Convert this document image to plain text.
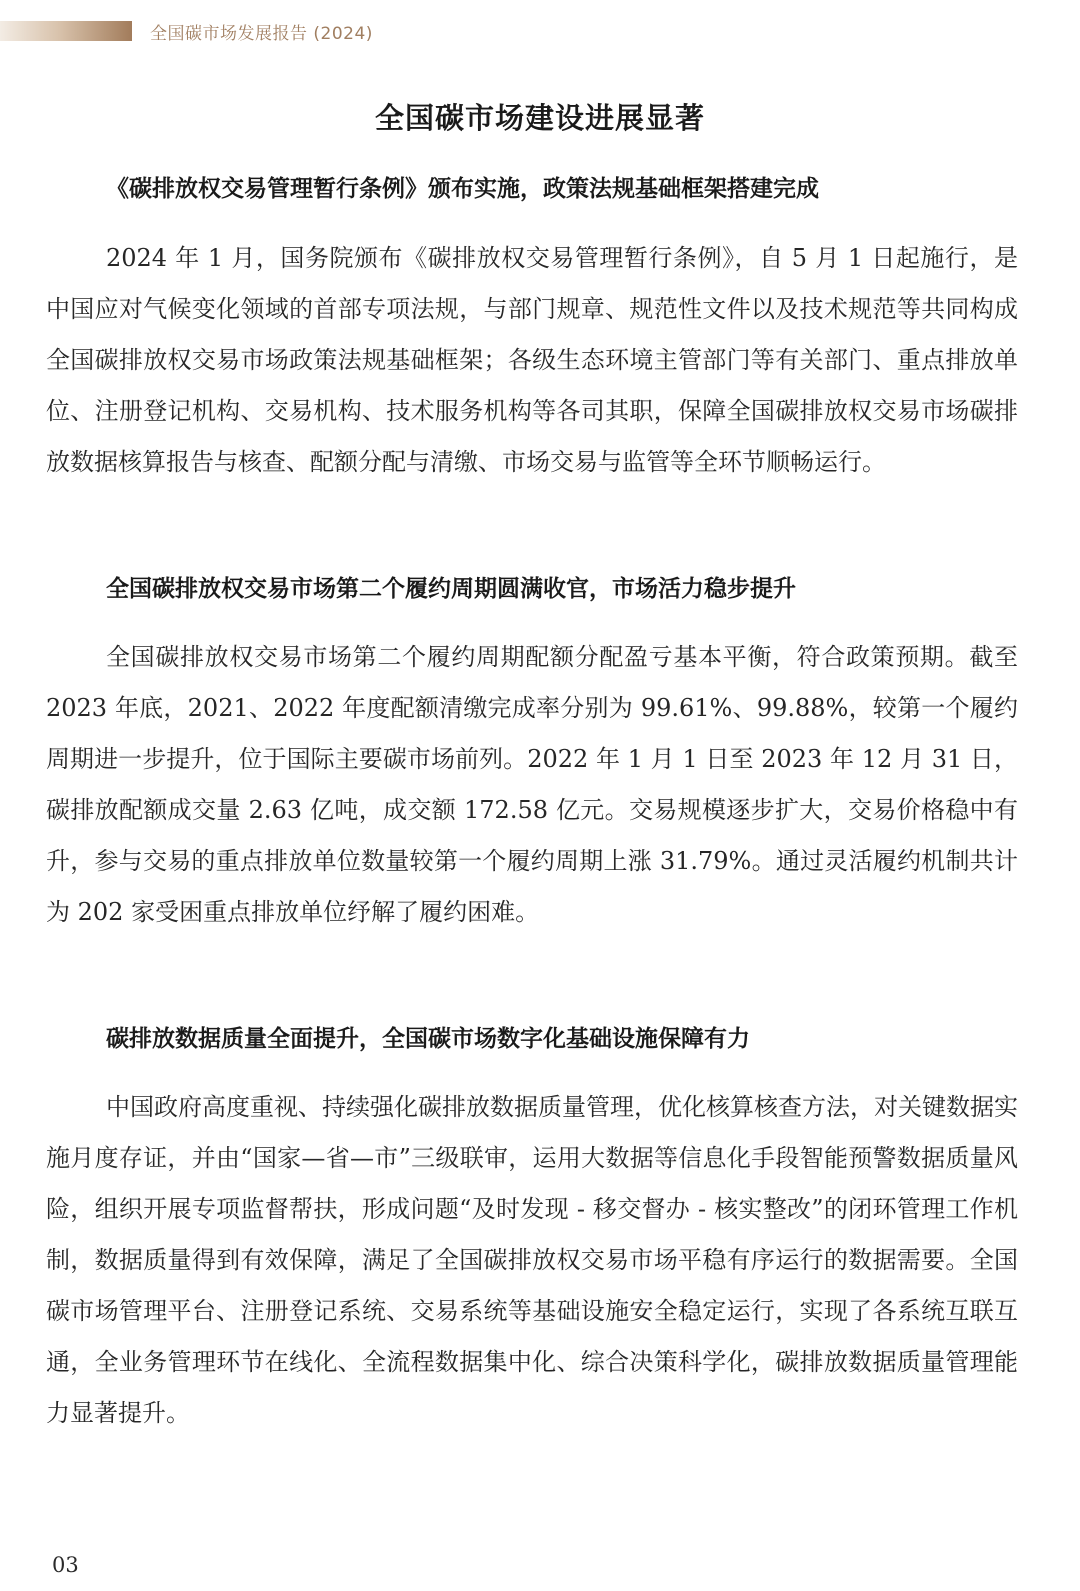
全国碳市场发展报告 (2024)
全国碳市场建设进展显著
《碳排放权交易管理暂行条例》颁布实施，政策法规基础框架搭建完成

2024 年 1 月，国务院颁布《碳排放权交易管理暂行条例》，自 5 月 1 日起施行，是中国应对气候变化领域的首部专项法规，与部门规章、规范性文件以及技术规范等共同构成全国碳排放权交易市场政策法规基础框架；各级生态环境主管部门等有关部门、重点排放单位、注册登记机构、交易机构、技术服务机构等各司其职，保障全国碳排放权交易市场碳排放数据核算报告与核查、配额分配与清缴、市场交易与监管等全环节顺畅运行。

全国碳排放权交易市场第二个履约周期圆满收官，市场活力稳步提升

全国碳排放权交易市场第二个履约周期配额分配盈亏基本平衡，符合政策预期。截至 2023 年底，2021、2022 年度配额清缴完成率分别为 99.61%、99.88%，较第一个履约周期进一步提升，位于国际主要碳市场前列。2022 年 1 月 1 日至 2023 年 12 月 31 日，碳排放配额成交量 2.63 亿吨，成交额 172.58 亿元。交易规模逐步扩大，交易价格稳中有升，参与交易的重点排放单位数量较第一个履约周期上涨 31.79%。通过灵活履约机制共计为 202 家受困重点排放单位纾解了履约困难。

碳排放数据质量全面提升，全国碳市场数字化基础设施保障有力

中国政府高度重视、持续强化碳排放数据质量管理，优化核算核查方法，对关键数据实施月度存证，并由“国家—省—市”三级联审，运用大数据等信息化手段智能预警数据质量风险，组织开展专项监督帮扶，形成问题“及时发现 - 移交督办 - 核实整改”的闭环管理工作机制，数据质量得到有效保障，满足了全国碳排放权交易市场平稳有序运行的数据需要。全国碳市场管理平台、注册登记系统、交易系统等基础设施安全稳定运行，实现了各系统互联互通，全业务管理环节在线化、全流程数据集中化、综合决策科学化，碳排放数据质量管理能力显著提升。

03
